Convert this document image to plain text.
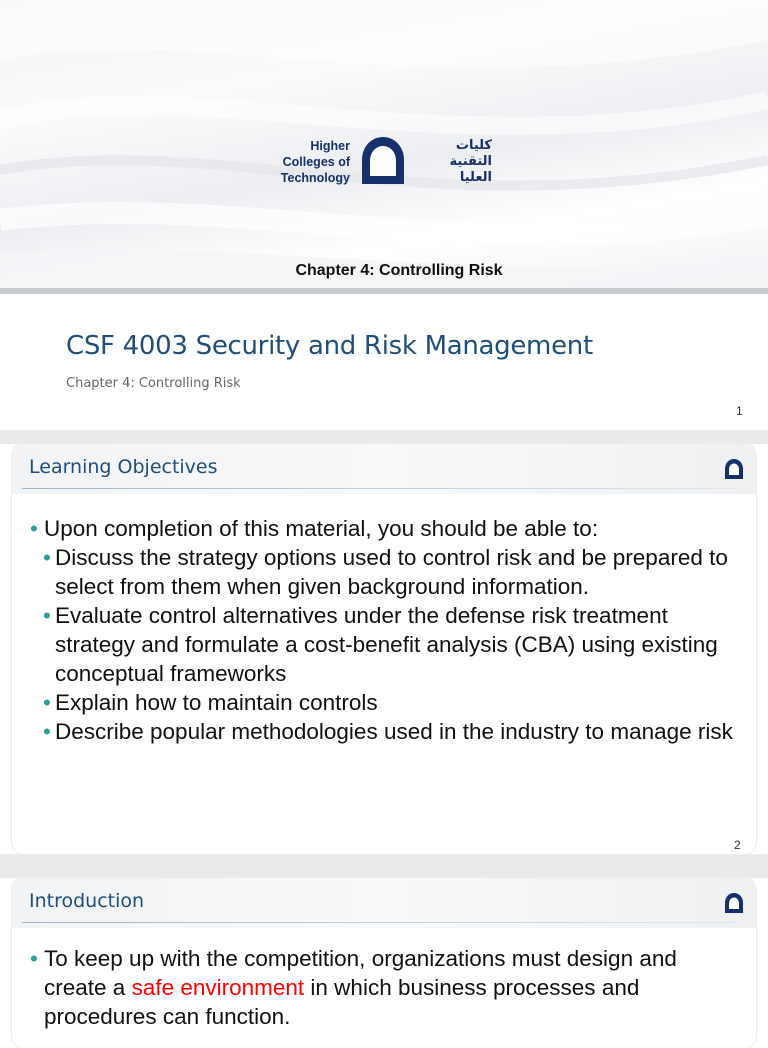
Higher
Colleges of
Technology
كليات
التقنية
العليا
Chapter 4: Controlling Risk
CSF 4003 Security and Risk Management
Chapter 4: Controlling Risk
1
Learning Objectives
• Upon completion of this material, you should be able to:
• Discuss the strategy options used to control risk and be prepared to select from them when given background information.
• Evaluate control alternatives under the defense risk treatment strategy and formulate a cost-benefit analysis (CBA) using existing conceptual frameworks
• Explain how to maintain controls
• Describe popular methodologies used in the industry to manage risk
2
Introduction
• To keep up with the competition, organizations must design and create a safe environment in which business processes and procedures can function.
